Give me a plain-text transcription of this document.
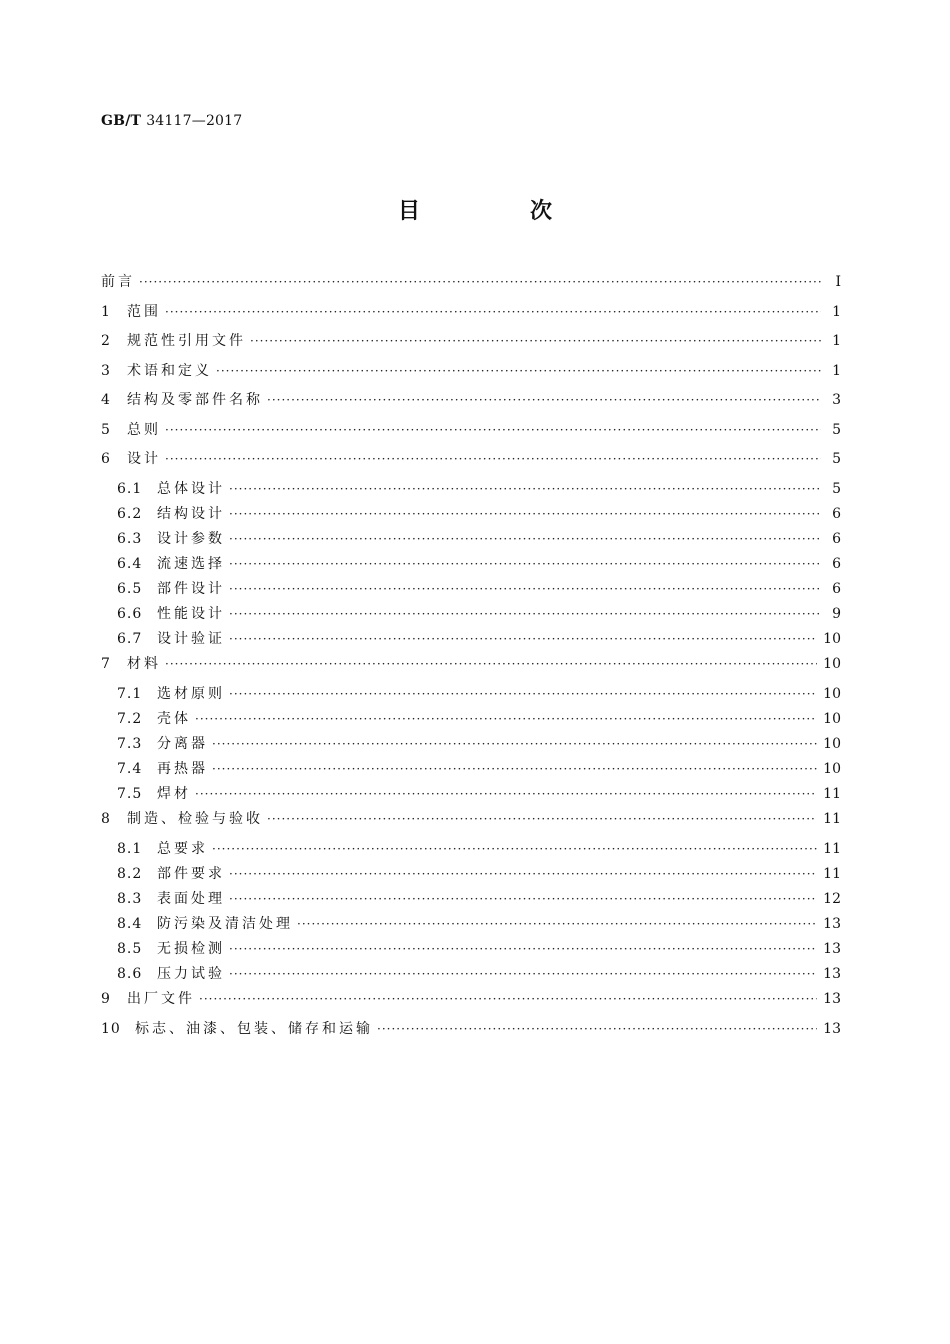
GB/T 34117—2017
目　次
前言 ·····	Ⅰ
1	范围 ·····	1
2	规范性引用文件 ·····	1
3	术语和定义 ·····	1
4	结构及零部件名称 ·····	3
5	总则 ·····	5
6	设计 ·····	5
6.1	总体设计 ·····	5
6.2	结构设计 ·····	6
6.3	设计参数 ·····	6
6.4	流速选择 ·····	6
6.5	部件设计 ·····	6
6.6	性能设计 ·····	9
6.7	设计验证 ·····	10
7	材料 ·····	10
7.1	选材原则 ·····	10
7.2	壳体 ·····	10
7.3	分离器 ·····	10
7.4	再热器 ·····	10
7.5	焊材 ·····	11
8	制造、检验与验收 ·····	11
8.1	总要求 ·····	11
8.2	部件要求 ·····	11
8.3	表面处理 ·····	12
8.4	防污染及清洁处理 ·····	13
8.5	无损检测 ·····	13
8.6	压力试验 ·····	13
9	出厂文件 ·····	13
10	标志、油漆、包装、储存和运输 ·····	13
